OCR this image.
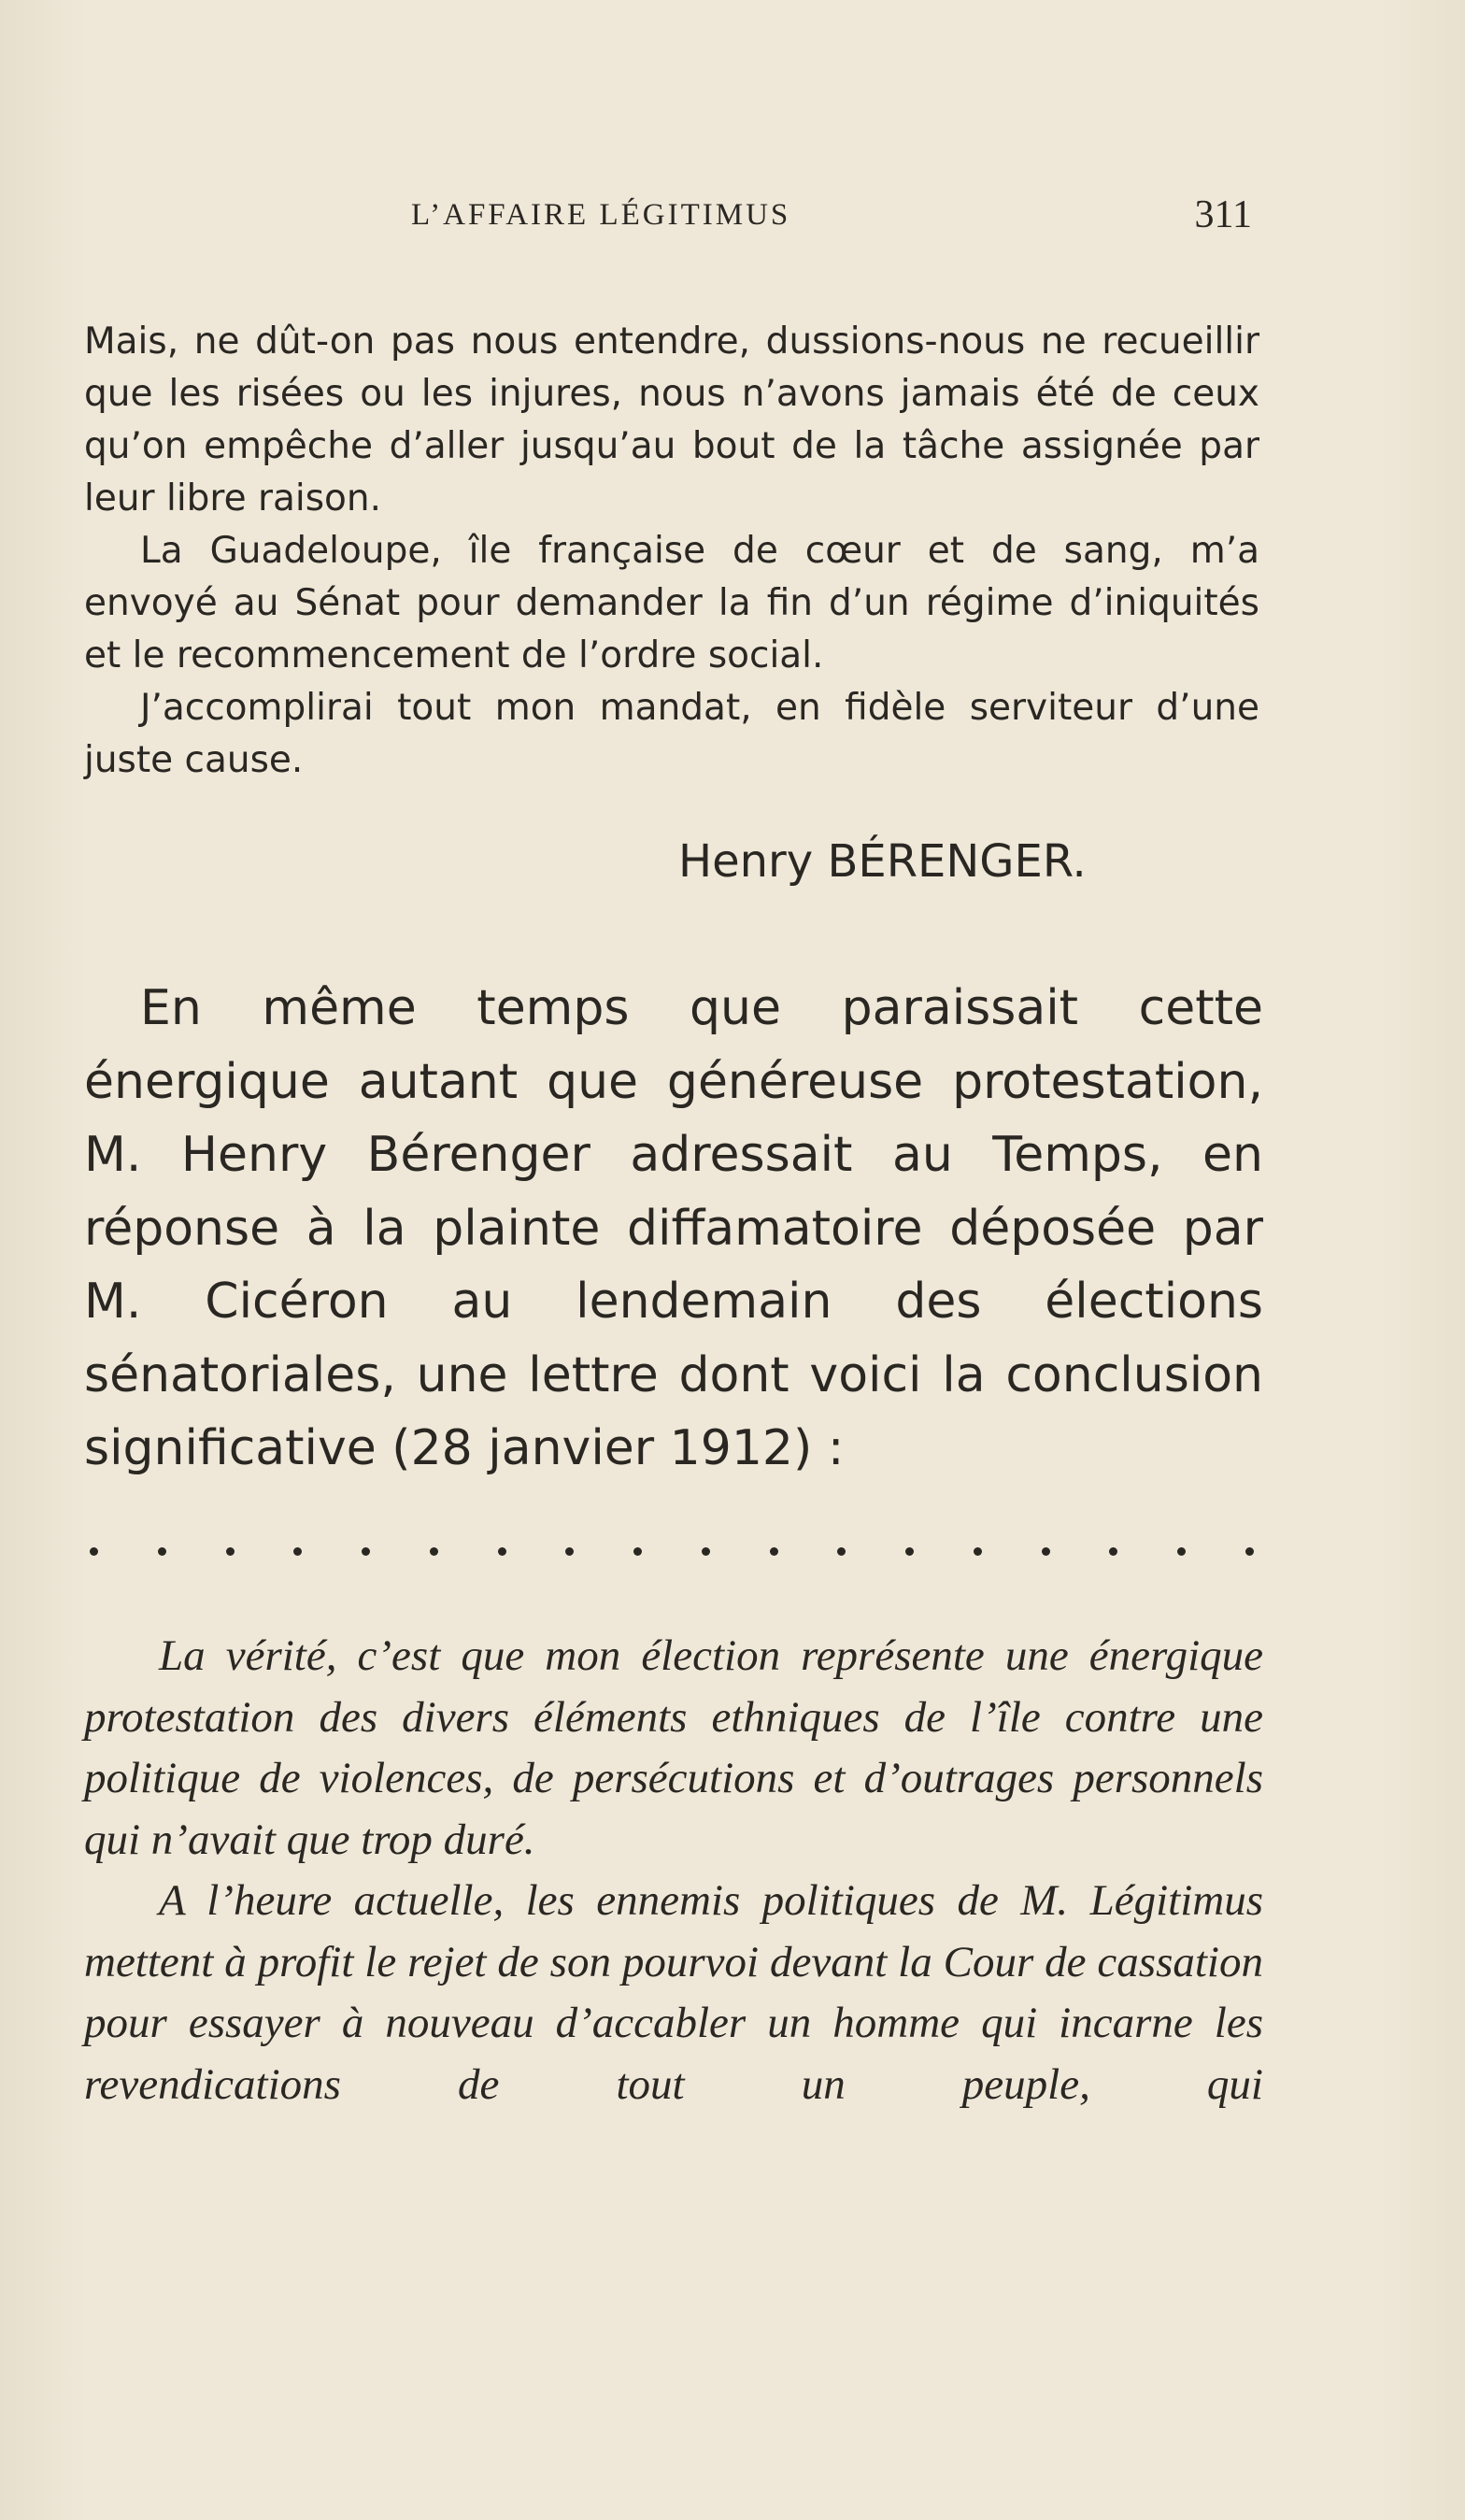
L’AFFAIRE LÉGITIMUS	311

Mais, ne dût-on pas nous entendre, dussions-nous ne recueillir que les risées ou les injures, nous n’avons jamais été de ceux qu’on empêche d’aller jusqu’au bout de la tâche assignée par leur libre raison.

La Guadeloupe, île française de cœur et de sang, m’a envoyé au Sénat pour demander la fin d’un régime d’iniquités et le recommencement de l’ordre social.

J’accomplirai tout mon mandat, en fidèle serviteur d’une juste cause.

Henry BÉRENGER.

En même temps que paraissait cette énergique autant que généreuse protestation, M. Henry Bérenger adressait au Temps, en réponse à la plainte diffamatoire déposée par M. Cicéron au lendemain des élections sénatoriales, une lettre dont voici la conclusion significative (28 janvier 1912) :

La vérité, c’est que mon élection représente une énergique protestation des divers éléments ethniques de l’île contre une politique de violences, de persécutions et d’outrages personnels qui n’avait que trop duré.

A l’heure actuelle, les ennemis politiques de M. Légitimus mettent à profit le rejet de son pourvoi devant la Cour de cassation pour essayer à nouveau d’accabler un homme qui incarne les revendications de tout un peuple, qui
